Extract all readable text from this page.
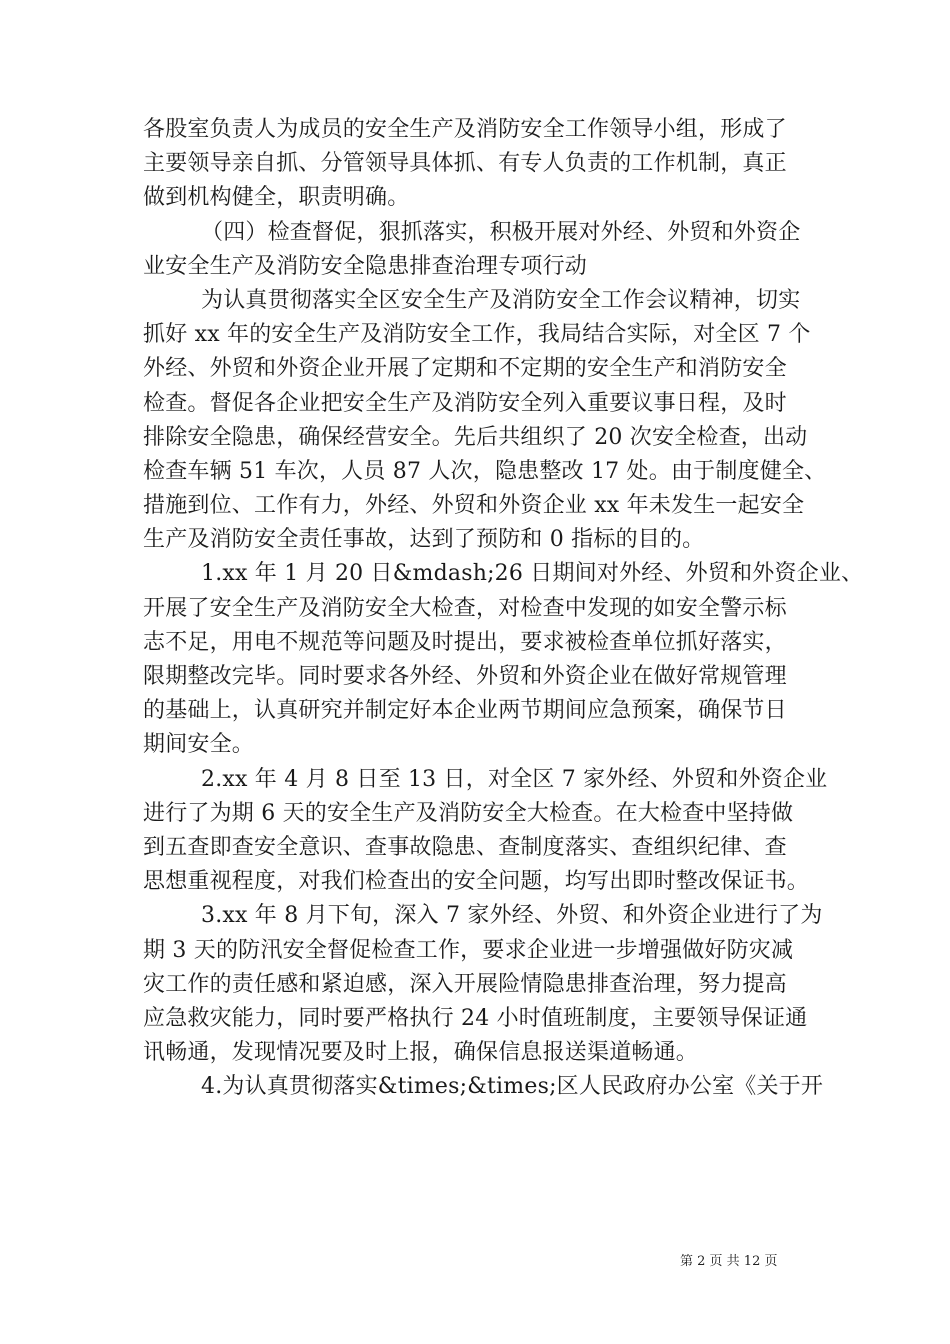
各股室负责人为成员的安全生产及消防安全工作领导小组，形成了
主要领导亲自抓、分管领导具体抓、有专人负责的工作机制，真正
做到机构健全，职责明确。
（四）检查督促，狠抓落实，积极开展对外经、外贸和外资企
业安全生产及消防安全隐患排查治理专项行动
为认真贯彻落实全区安全生产及消防安全工作会议精神，切实
抓好 xx 年的安全生产及消防安全工作，我局结合实际，对全区 7 个
外经、外贸和外资企业开展了定期和不定期的安全生产和消防安全
检查。督促各企业把安全生产及消防安全列入重要议事日程，及时
排除安全隐患，确保经营安全。先后共组织了 20 次安全检查，出动
检查车辆 51 车次，人员 87 人次，隐患整改 17 处。由于制度健全、
措施到位、工作有力，外经、外贸和外资企业 xx 年未发生一起安全
生产及消防安全责任事故，达到了预防和 0 指标的目的。
1.xx 年 1 月 20 日&mdash;26 日期间对外经、外贸和外资企业、
开展了安全生产及消防安全大检查，对检查中发现的如安全警示标
志不足，用电不规范等问题及时提出，要求被检查单位抓好落实，
限期整改完毕。同时要求各外经、外贸和外资企业在做好常规管理
的基础上，认真研究并制定好本企业两节期间应急预案，确保节日
期间安全。
2.xx 年 4 月 8 日至 13 日，对全区 7 家外经、外贸和外资企业
进行了为期 6 天的安全生产及消防安全大检查。在大检查中坚持做
到五查即查安全意识、查事故隐患、查制度落实、查组织纪律、查
思想重视程度，对我们检查出的安全问题，均写出即时整改保证书。
3.xx 年 8 月下旬，深入 7 家外经、外贸、和外资企业进行了为
期 3 天的防汛安全督促检查工作，要求企业进一步增强做好防灾减
灾工作的责任感和紧迫感，深入开展险情隐患排查治理，努力提高
应急救灾能力，同时要严格执行 24 小时值班制度，主要领导保证通
讯畅通，发现情况要及时上报，确保信息报送渠道畅通。
4.为认真贯彻落实&times;&times;区人民政府办公室《关于开
第 2 页 共 12 页
